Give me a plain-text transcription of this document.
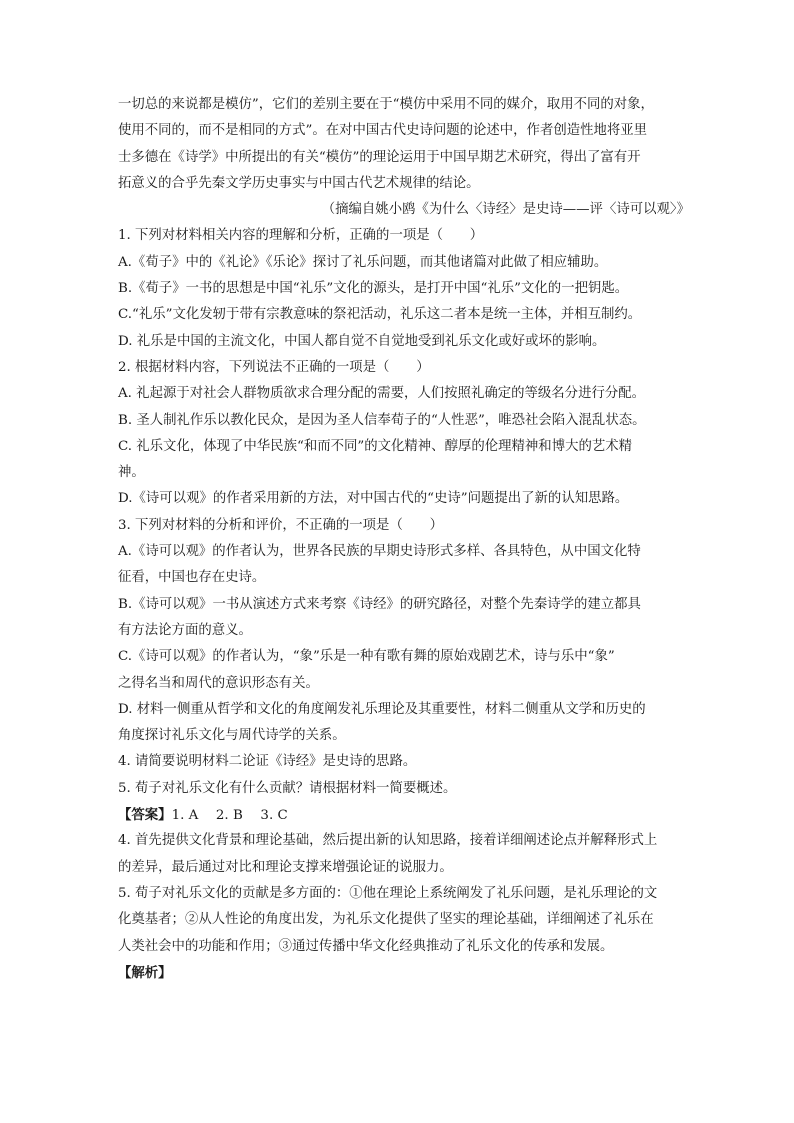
一切总的来说都是模仿”，它们的差别主要在于“模仿中采用不同的媒介，取用不同的对象，
使用不同的，而不是相同的方式”。在对中国古代史诗问题的论述中，作者创造性地将亚里
士多德在《诗学》中所提出的有关“模仿”的理论运用于中国早期艺术研究，得出了富有开
拓意义的合乎先秦文学历史事实与中国古代艺术规律的结论。
（摘编自姚小鸥《为什么〈诗经〉是史诗——评〈诗可以观〉》
1. 下列对材料相关内容的理解和分析，正确的一项是（　　）
A.《荀子》中的《礼论》《乐论》探讨了礼乐问题，而其他诸篇对此做了相应辅助。
B.《荀子》一书的思想是中国“礼乐”文化的源头，是打开中国“礼乐”文化的一把钥匙。
C.“礼乐”文化发轫于带有宗教意味的祭祀活动，礼乐这二者本是统一主体，并相互制约。
D. 礼乐是中国的主流文化，中国人都自觉不自觉地受到礼乐文化或好或坏的影响。
2. 根据材料内容，下列说法不正确的一项是（　　）
A. 礼起源于对社会人群物质欲求合理分配的需要，人们按照礼确定的等级名分进行分配。
B. 圣人制礼作乐以教化民众，是因为圣人信奉荀子的“人性恶”，唯恐社会陷入混乱状态。
C. 礼乐文化，体现了中华民族“和而不同”的文化精神、醇厚的伦理精神和博大的艺术精
神。
D.《诗可以观》的作者采用新的方法，对中国古代的“史诗”问题提出了新的认知思路。
3. 下列对材料的分析和评价，不正确的一项是（　　）
A.《诗可以观》的作者认为，世界各民族的早期史诗形式多样、各具特色，从中国文化特
征看，中国也存在史诗。
B.《诗可以观》一书从演述方式来考察《诗经》的研究路径，对整个先秦诗学的建立都具
有方法论方面的意义。
C.《诗可以观》的作者认为，“象”乐是一种有歌有舞的原始戏剧艺术，诗与乐中“象”
之得名当和周代的意识形态有关。
D. 材料一侧重从哲学和文化的角度阐发礼乐理论及其重要性，材料二侧重从文学和历史的
角度探讨礼乐文化与周代诗学的关系。
4. 请简要说明材料二论证《诗经》是史诗的思路。
5. 荀子对礼乐文化有什么贡献？请根据材料一简要概述。
【答案】1. A　 2. B　 3. C
4. 首先提供文化背景和理论基础，然后提出新的认知思路，接着详细阐述论点并解释形式上
的差异，最后通过对比和理论支撑来增强论证的说服力。
5. 荀子对礼乐文化的贡献是多方面的：①他在理论上系统阐发了礼乐问题，是礼乐理论的文
化奠基者；②从人性论的角度出发，为礼乐文化提供了坚实的理论基础，详细阐述了礼乐在
人类社会中的功能和作用；③通过传播中华文化经典推动了礼乐文化的传承和发展。
【解析】
